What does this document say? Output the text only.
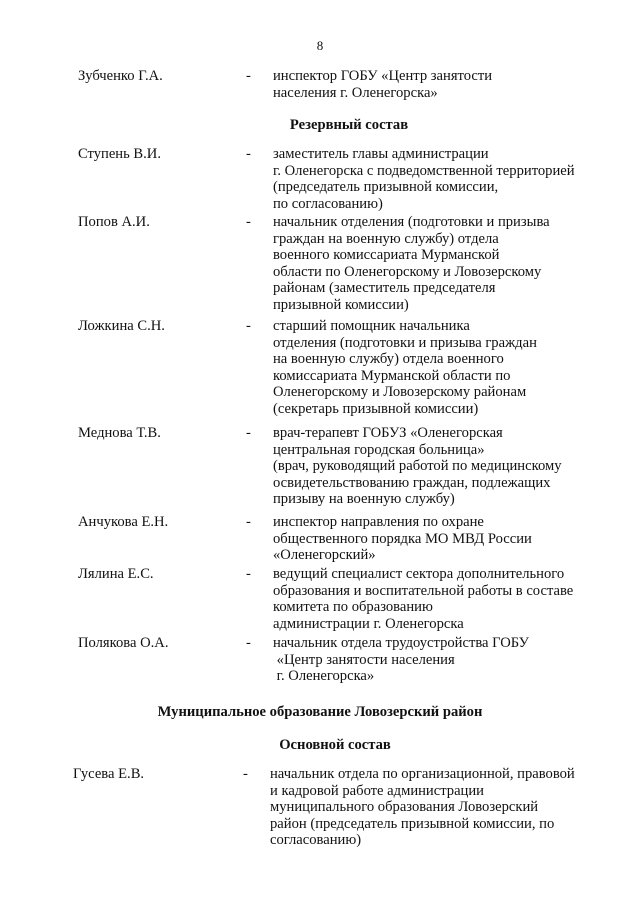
8
Зубченко Г.А.	- инспектор ГОБУ «Центр занятости
населения г. Оленегорска»
Резервный состав
Ступень В.И.	- заместитель главы администрации
г. Оленегорска с подведомственной территорией
(председатель призывной комиссии,
по согласованию)
Попов А.И.	- начальник отделения (подготовки и призыва
граждан на военную службу) отдела
военного комиссариата Мурманской
области по Оленегорскому и Ловозерскому
районам (заместитель председателя
призывной комиссии)
Ложкина С.Н.	- старший помощник начальника
отделения (подготовки и призыва граждан
на военную службу) отдела военного
комиссариата Мурманской области по
Оленегорскому и Ловозерскому районам
(секретарь призывной комиссии)
Меднова Т.В.	- врач-терапевт ГОБУЗ «Оленегорская
центральная городская больница»
(врач, руководящий работой по медицинскому
освидетельствованию граждан, подлежащих
призыву на военную службу)
Анчукова Е.Н.	- инспектор направления по охране
общественного порядка МО МВД России
«Оленегорский»
Лялина Е.С.	- ведущий специалист сектора дополнительного
образования и воспитательной работы в составе
комитета по образованию
администрации г. Оленегорска
Полякова О.А.	- начальник отдела трудоустройства ГОБУ
«Центр занятости населения
г. Оленегорска»
Муниципальное образование Ловозерский район
Основной состав
Гусева Е.В.	- начальник отдела по организационной, правовой
и кадровой работе администрации
муниципального образования Ловозерский
район (председатель призывной комиссии, по
согласованию)
